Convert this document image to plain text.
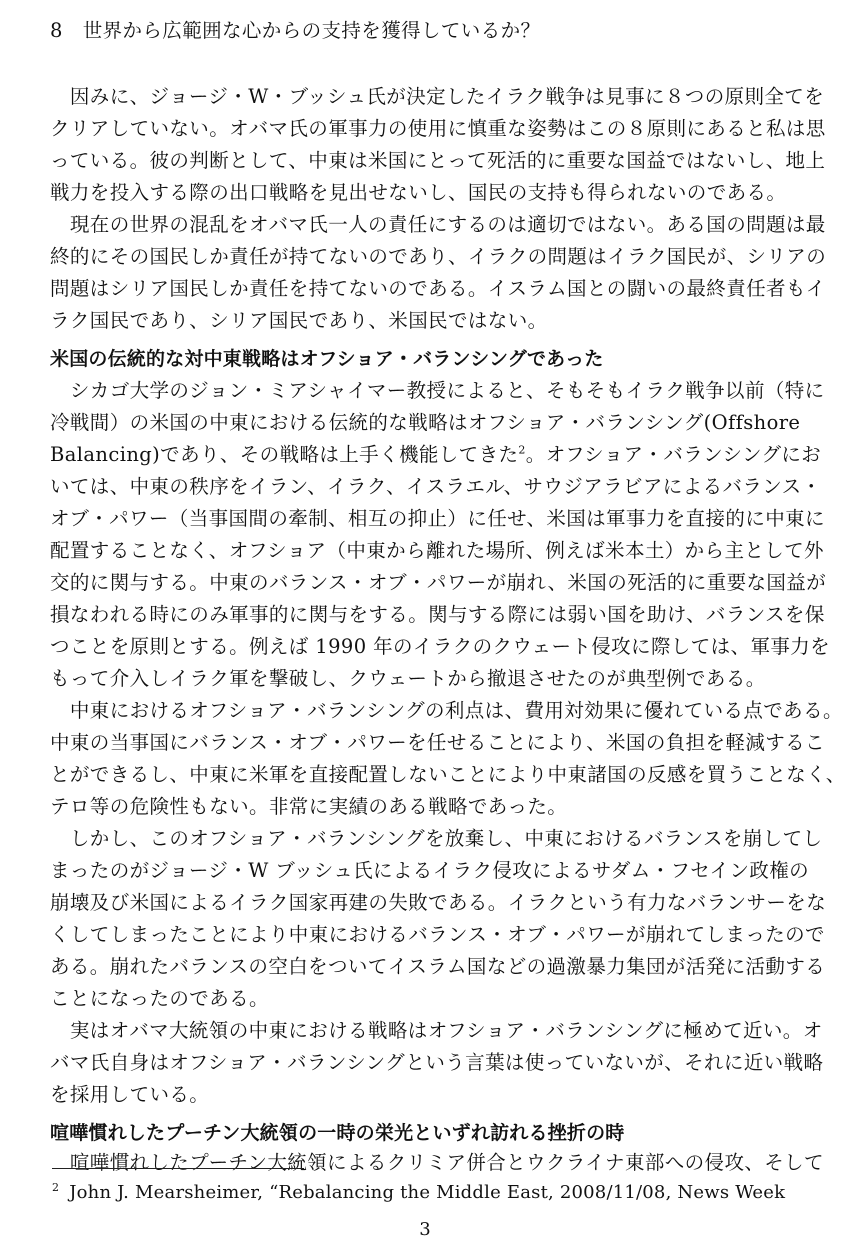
8　世界から広範囲な心からの支持を獲得しているか？
　因みに、ジョージ・W・ブッシュ氏が決定したイラク戦争は見事に８つの原則全てを
クリアしていない。オバマ氏の軍事力の使用に慎重な姿勢はこの８原則にあると私は思
っている。彼の判断として、中東は米国にとって死活的に重要な国益ではないし、地上
戦力を投入する際の出口戦略を見出せないし、国民の支持も得られないのである。
　現在の世界の混乱をオバマ氏一人の責任にするのは適切ではない。ある国の問題は最
終的にその国民しか責任が持てないのであり、イラクの問題はイラク国民が、シリアの
問題はシリア国民しか責任を持てないのである。イスラム国との闘いの最終責任者もイ
ラク国民であり、シリア国民であり、米国民ではない。
米国の伝統的な対中東戦略はオフショア・バランシングであった
　シカゴ大学のジョン・ミアシャイマー教授によると、そもそもイラク戦争以前（特に
冷戦間）の米国の中東における伝統的な戦略はオフショア・バランシング(Offshore
Balancing)であり、その戦略は上手く機能してきた$^2$。オフショア・バランシングにお
いては、中東の秩序をイラン、イラク、イスラエル、サウジアラビアによるバランス・
オブ・パワー（当事国間の牽制、相互の抑止）に任せ、米国は軍事力を直接的に中東に
配置することなく、オフショア（中東から離れた場所、例えば米本土）から主として外
交的に関与する。中東のバランス・オブ・パワーが崩れ、米国の死活的に重要な国益が
損なわれる時にのみ軍事的に関与をする。関与する際には弱い国を助け、バランスを保
つことを原則とする。例えば 1990 年のイラクのクウェート侵攻に際しては、軍事力を
もって介入しイラク軍を撃破し、クウェートから撤退させたのが典型例である。
　中東におけるオフショア・バランシングの利点は、費用対効果に優れている点である。
中東の当事国にバランス・オブ・パワーを任せることにより、米国の負担を軽減するこ
とができるし、中東に米軍を直接配置しないことにより中東諸国の反感を買うことなく、
テロ等の危険性もない。非常に実績のある戦略であった。
　しかし、このオフショア・バランシングを放棄し、中東におけるバランスを崩してし
まったのがジョージ・W ブッシュ氏によるイラク侵攻によるサダム・フセイン政権の
崩壊及び米国によるイラク国家再建の失敗である。イラクという有力なバランサーをな
くしてしまったことにより中東におけるバランス・オブ・パワーが崩れてしまったので
ある。崩れたバランスの空白をついてイスラム国などの過激暴力集団が活発に活動する
ことになったのである。
　実はオバマ大統領の中東における戦略はオフショア・バランシングに極めて近い。オ
バマ氏自身はオフショア・バランシングという言葉は使っていないが、それに近い戦略
を採用している。
喧嘩慣れしたプーチン大統領の一時の栄光といずれ訪れる挫折の時
　喧嘩慣れしたプーチン大統領によるクリミア併合とウクライナ東部への侵攻、そして
$^2$ John J. Mearsheimer, “Rebalancing the Middle East, 2008/11/08, News Week
3
